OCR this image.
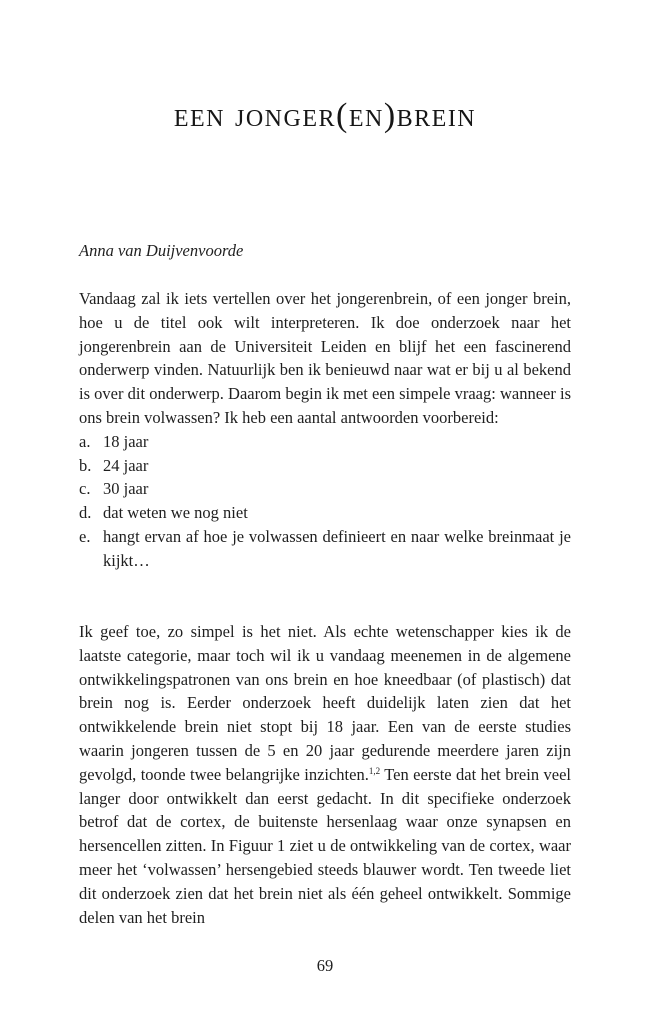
een jonger(en)brein

Anna van Duijvenvoorde

Vandaag zal ik iets vertellen over het jongerenbrein, of een jonger brein, hoe u de titel ook wilt interpreteren. Ik doe onderzoek naar het jongerenbrein aan de Universiteit Leiden en blijf het een fascinerend onderwerp vinden. Natuurlijk ben ik benieuwd naar wat er bij u al bekend is over dit onderwerp. Daarom begin ik met een simpele vraag: wanneer is ons brein volwassen? Ik heb een aantal antwoorden voorbereid:

a. 18 jaar
b. 24 jaar
c. 30 jaar
d. dat weten we nog niet
e. hangt ervan af hoe je volwassen definieert en naar welke breinmaat je kijkt…

Ik geef toe, zo simpel is het niet. Als echte wetenschapper kies ik de laatste categorie, maar toch wil ik u vandaag meenemen in de algemene ontwikkelingspatronen van ons brein en hoe kneedbaar (of plastisch) dat brein nog is. Eerder onderzoek heeft duidelijk laten zien dat het ontwikkelende brein niet stopt bij 18 jaar. Een van de eerste studies waarin jongeren tussen de 5 en 20 jaar gedurende meerdere jaren zijn gevolgd, toonde twee belangrijke inzichten.$^{1,2}$ Ten eerste dat het brein veel langer door ontwikkelt dan eerst gedacht. In dit specifieke onderzoek betrof dat de cortex, de buitenste hersenlaag waar onze synapsen en hersencellen zitten. In Figuur 1 ziet u de ontwikkeling van de cortex, waar meer het ‘volwassen’ hersengebied steeds blauwer wordt. Ten tweede liet dit onderzoek zien dat het brein niet als één geheel ontwikkelt. Sommige delen van het brein

69
